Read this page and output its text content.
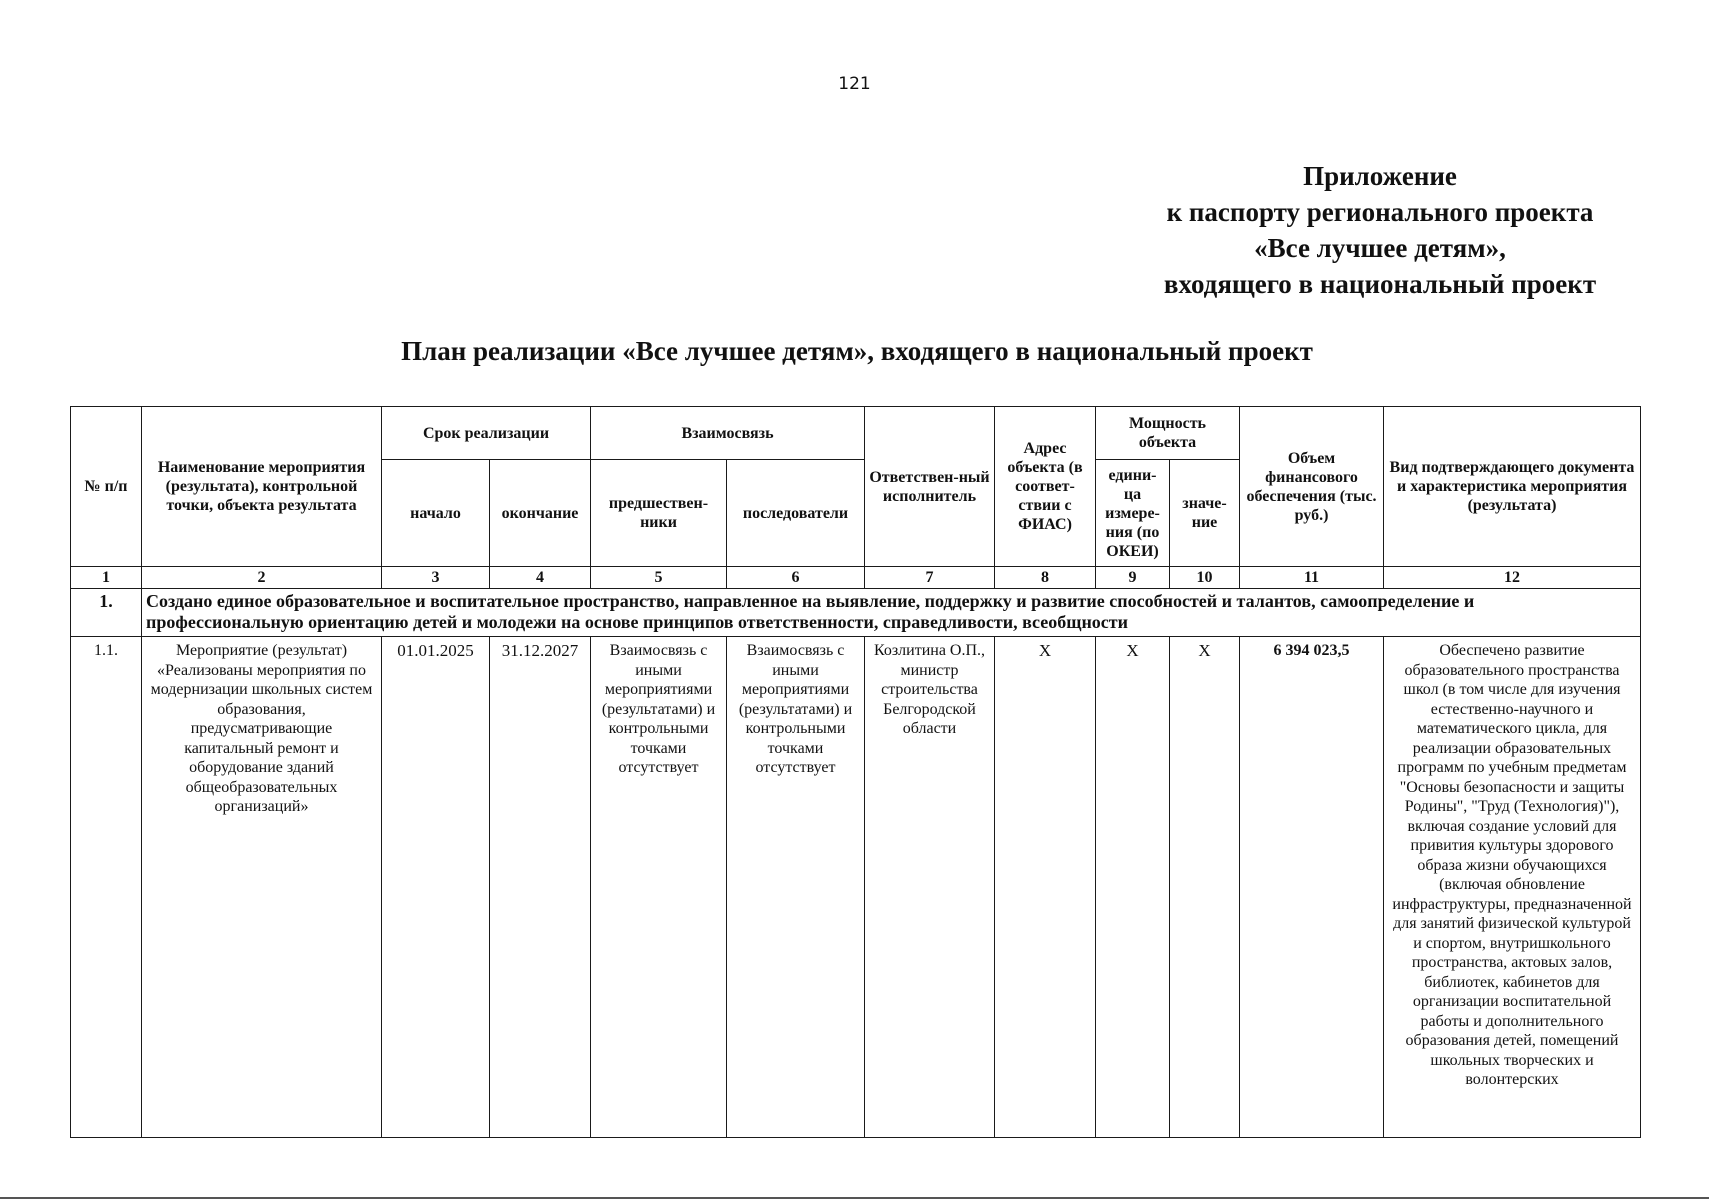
121
Приложение
к паспорту регионального проекта
«Все лучшее детям»,
входящего в национальный проект
План реализации «Все лучшее детям», входящего в национальный проект
№ п/п	Наименование мероприятия (результата), контрольной точки, объекта результата	Срок реализации		Взаимосвязь		Ответствен-ный исполнитель	Адрес объекта (в соответ-ствии с ФИАС)	Мощность объекта		Объем финансового обеспечения (тыс. руб.)	Вид подтверждающего документа и характеристика мероприятия (результата)
		начало	окончание	предшествен-ники	последователи			едини-ца измере-ния (по ОКЕИ)	значе-ние		
1	2	3	4	5	6	7	8	9	10	11	12
1.	Создано единое образовательное и воспитательное пространство, направленное на выявление, поддержку и развитие способностей и талантов, самоопределение и профессиональную ориентацию детей и молодежи на основе принципов ответственности, справедливости, всеобщности										
1.1.	Мероприятие (результат) «Реализованы мероприятия по модернизации школьных систем образования, предусматривающие капитальный ремонт и оборудование зданий общеобразовательных организаций»	01.01.2025	31.12.2027	Взаимосвязь с иными мероприятиями (результатами) и контрольными точками отсутствует	Взаимосвязь с иными мероприятиями (результатами) и контрольными точками отсутствует	Козлитина О.П., министр строительства Белгородской области	X	X	X	6 394 023,5	Обеспечено развитие образовательного пространства школ (в том числе для изучения естественно-научного и математического цикла, для реализации образовательных программ по учебным предметам "Основы безопасности и защиты Родины", "Труд (Технология)"), включая создание условий для привития культуры здорового образа жизни обучающихся (включая обновление инфраструктуры, предназначенной для занятий физической культурой и спортом, внутришкольного пространства, актовых залов, библиотек, кабинетов для организации воспитательной работы и дополнительного образования детей, помещений школьных творческих и волонтерских
